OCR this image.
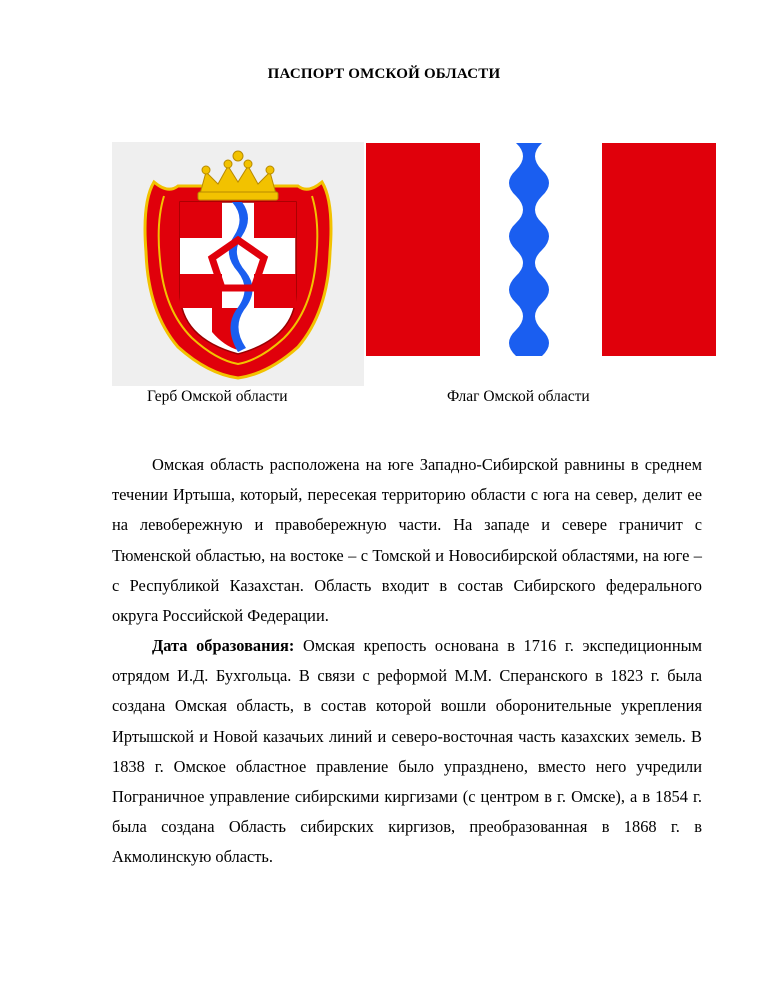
ПАСПОРТ ОМСКОЙ ОБЛАСТИ
Герб Омской области	Флаг Омской области

Омская область расположена на юге Западно-Сибирской равнины в среднем течении Иртыша, который, пересекая территорию области с юга на север, делит ее на левобережную и правобережную части. На западе и севере граничит с Тюменской областью, на востоке – с Томской и Новосибирской областями, на юге – с Республикой Казахстан. Область входит в состав Сибирского федерального округа Российской Федерации.

Дата образования: Омская крепость основана в 1716 г. экспедиционным отрядом И.Д. Бухгольца. В связи с реформой М.М. Сперанского в 1823 г. была создана Омская область, в состав которой вошли оборонительные укрепления Иртышской и Новой казачьих линий и северо-восточная часть казахских земель. В 1838 г. Омское областное правление было упразднено, вместо него учредили Пограничное управление сибирскими киргизами (с центром в г. Омске), а в 1854 г. была создана Область сибирских киргизов, преобразованная в 1868 г. в Акмолинскую область.
